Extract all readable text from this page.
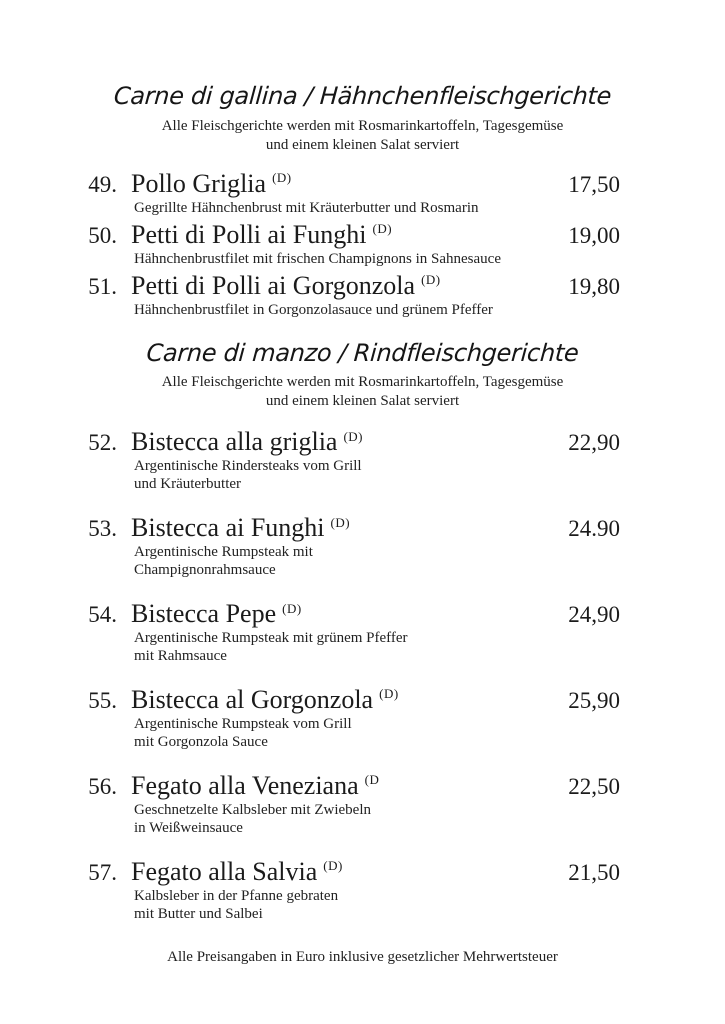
Carne di gallina / Hähnchenfleischgerichte
Alle Fleischgerichte werden mit Rosmarinkartoffeln, Tagesgemüse
und einem kleinen Salat serviert
49. Pollo Griglia $^{(D)}$	17,50
Gegrillte Hähnchenbrust mit Kräuterbutter und Rosmarin
50. Petti di Polli ai Funghi $^{(D)}$	19,00
Hähnchenbrustfilet mit frischen Champignons in Sahnesauce
51. Petti di Polli ai Gorgonzola $^{(D)}$	19,80
Hähnchenbrustfilet in Gorgonzolasauce und grünem Pfeffer
Carne di manzo / Rindfleischgerichte
Alle Fleischgerichte werden mit Rosmarinkartoffeln, Tagesgemüse
und einem kleinen Salat serviert
52. Bistecca alla griglia $^{(D)}$	22,90
Argentinische Rindersteaks vom Grill
und Kräuterbutter
53. Bistecca ai Funghi $^{(D)}$	24.90
Argentinische Rumpsteak mit
Champignonrahmsauce
54. Bistecca Pepe $^{(D)}$	24,90
Argentinische Rumpsteak mit grünem Pfeffer
mit Rahmsauce
55. Bistecca al Gorgonzola $^{(D)}$	25,90
Argentinische Rumpsteak vom Grill
mit Gorgonzola Sauce
56. Fegato alla Veneziana $^{(D}$	22,50
Geschnetzelte Kalbsleber mit Zwiebeln
in Weißweinsauce
57. Fegato alla Salvia $^{(D)}$	21,50
Kalbsleber in der Pfanne gebraten
mit Butter und Salbei
Alle Preisangaben in Euro inklusive gesetzlicher Mehrwertsteuer
